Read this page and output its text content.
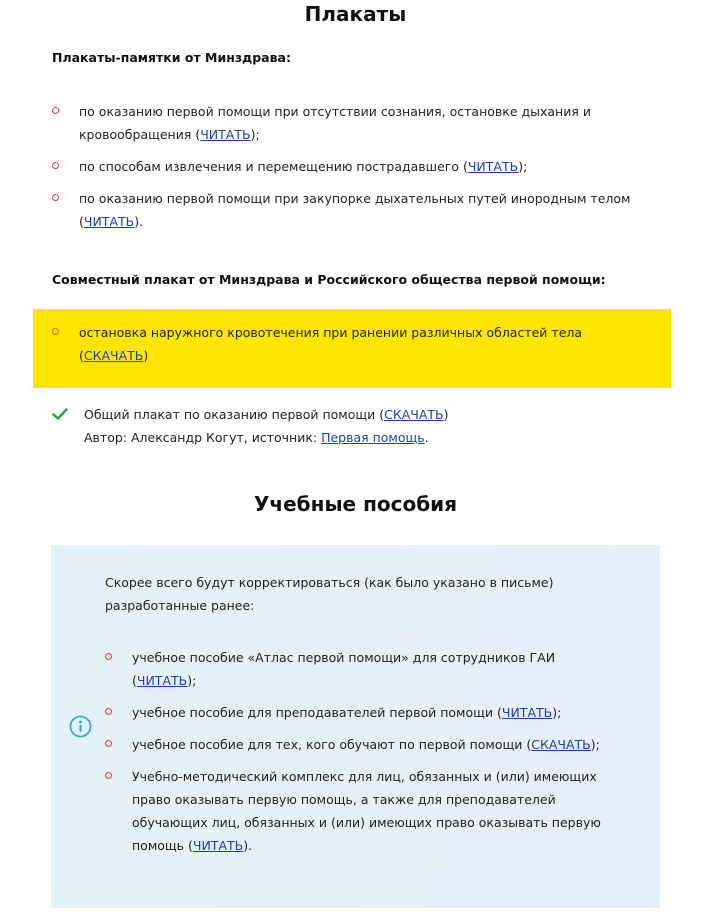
Плакаты

Плакаты-памятки от Минздрава:

по оказанию первой помощи при отсутствии сознания, остановке дыхания и
кровообращения (ЧИТАТЬ);
по способам извлечения и перемещению пострадавшего (ЧИТАТЬ);
по оказанию первой помощи при закупорке дыхательных путей инородным телом
(ЧИТАТЬ).

Совместный плакат от Минздрава и Российского общества первой помощи:

остановка наружного кровотечения при ранении различных областей тела
(СКАЧАТЬ)

Общий плакат по оказанию первой помощи (СКАЧАТЬ)

Автор: Александр Когут, источник: Первая помощь.

Учебные пособия

Скорее всего будут корректироваться (как было указано в письме) разработанные ранее:

учебное пособие «Атлас первой помощи» для сотрудников ГАИ
(ЧИТАТЬ);
учебное пособие для преподавателей первой помощи (ЧИТАТЬ);
учебное пособие для тех, кого обучают по первой помощи (СКАЧАТЬ);
Учебно-методический комплекс для лиц, обязанных и (или) имеющих право оказывать первую помощь, а также для преподавателей обучающих лиц, обязанных и (или) имеющих право оказывать первую помощь (ЧИТАТЬ).
